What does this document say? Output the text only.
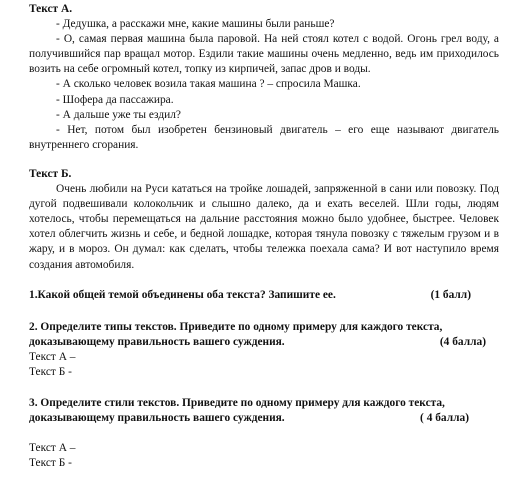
Текст А.

- Дедушка, а расскажи мне, какие машины были раньше?

- О, самая первая машина была паровой. На ней стоял котел с водой. Огонь грел воду, а получившийся пар вращал мотор. Ездили такие машины очень медленно, ведь им приходилось возить на себе огромный котел, топку из кирпичей, запас дров и воды.

- А сколько человек возила такая машина ? – спросила Машка.

- Шофера да пассажира.

- А дальше уже ты ездил?

- Нет, потом был изобретен бензиновый двигатель – его еще называют двигатель внутреннего сгорания.

Текст Б.

Очень любили на Руси кататься на тройке лошадей, запряженной в сани или повозку. Под дугой подвешивали колокольчик и слышно далеко, да и ехать веселей. Шли годы, людям хотелось, чтобы перемещаться на дальние расстояния можно было удобнее, быстрее. Человек хотел облегчить жизнь и себе, и бедной лошадке, которая тянула повозку с тяжелым грузом и в жару, и в мороз. Он думал: как сделать, чтобы тележка поехала сама? И вот наступило время создания автомобиля.

1.Какой общей темой объединены оба текста? Запишите ее.	(1 балл)
2. Определите типы текстов. Приведите по одному примеру для каждого текста,
доказывающему правильность вашего суждения.	(4 балла)

Текст А –

Текст Б -

3. Определите стили текстов. Приведите по одному примеру для каждого текста,
доказывающему правильность вашего суждения.	( 4 балла)

Текст А –

Текст Б -
